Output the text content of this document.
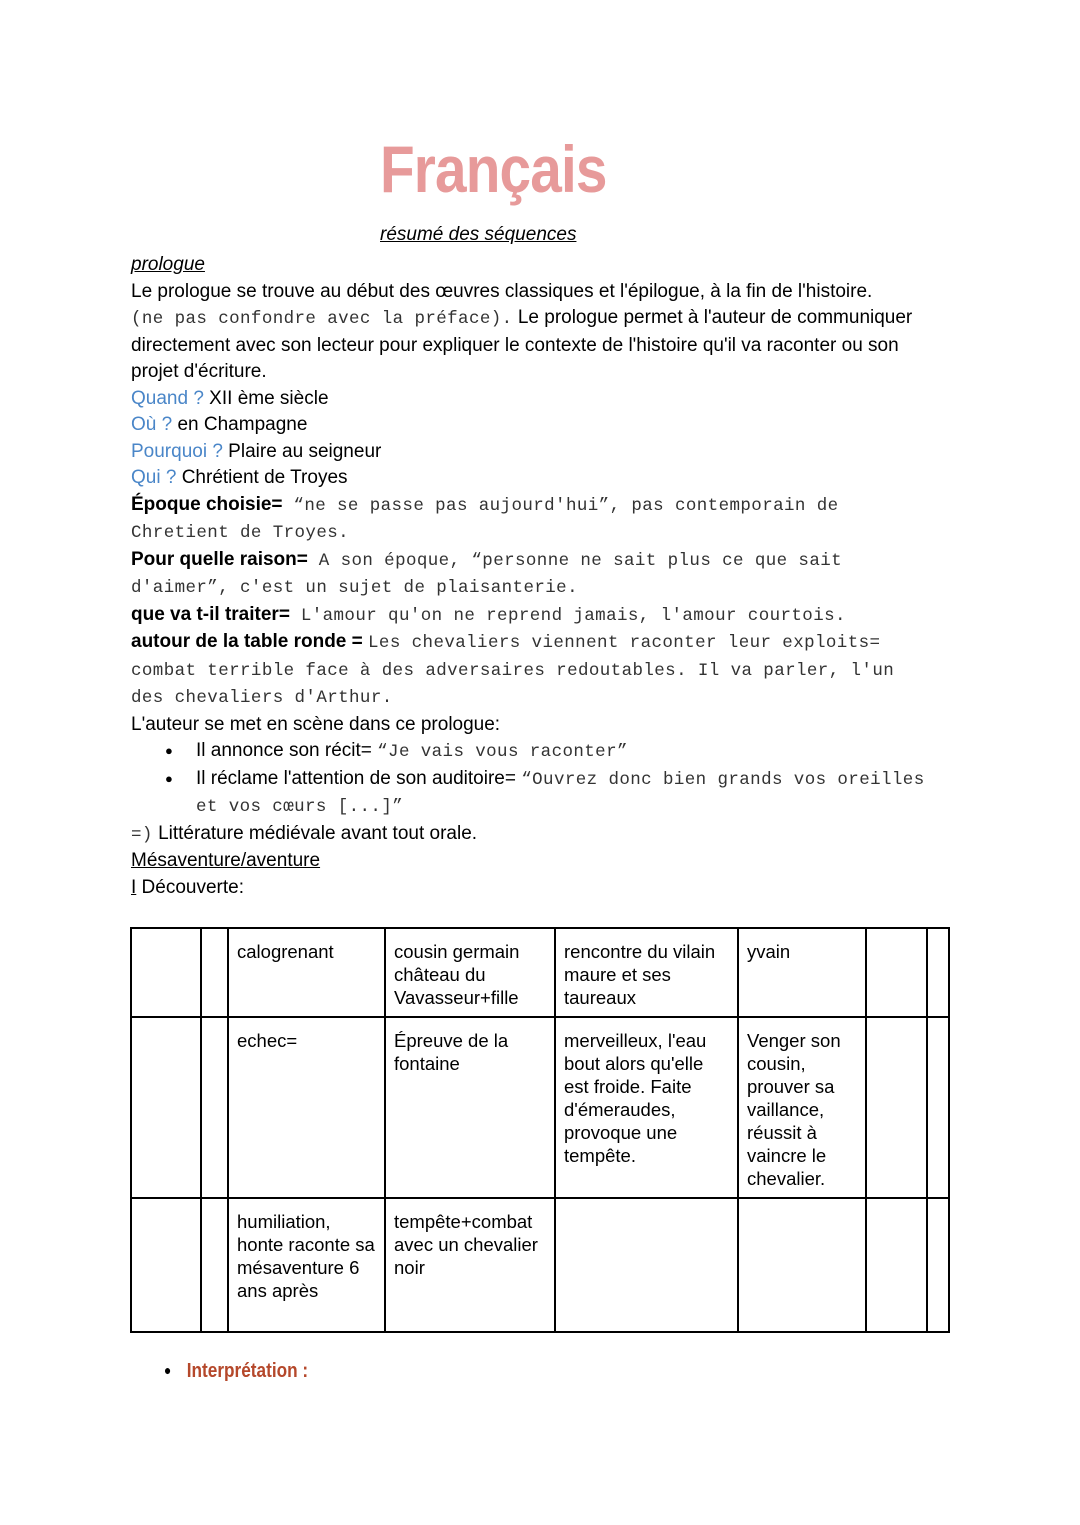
Français
résumé des séquences

prologue

Le prologue se trouve au début des œuvres classiques et l'épilogue, à la fin de l'histoire.
(ne pas confondre avec la préface). Le prologue permet à l'auteur de communiquer directement avec son lecteur pour expliquer le contexte de l'histoire qu'il va raconter ou son projet d'écriture.

Quand ? XII ème siècle

Où ? en Champagne

Pourquoi ? Plaire au seigneur

Qui ? Chrétient de Troyes

Époque choisie= “ne se passe pas aujourd'hui”, pas contemporain de Chretient de Troyes.

Pour quelle raison= A son époque, “personne ne sait plus ce que sait d'aimer”, c'est un sujet de plaisanterie.

que va t-il traiter= L'amour qu'on ne reprend jamais, l'amour courtois.

autour de la table ronde = Les chevaliers viennent raconter leur exploits= combat terrible face à des adversaires redoutables. Il va parler, l'un des chevaliers d'Arthur.

L'auteur se met en scène dans ce prologue:

● Il annonce son récit= “Je vais vous raconter”
● Il réclame l'attention de son auditoire= “Ouvrez donc bien grands vos oreilles et vos cœurs [...]”

=) Littérature médiévale avant tout orale.

Mésaventure/aventure

I Découverte:

		calogrenant	cousin germain château du Vavasseur+fille	rencontre du vilain maure et ses taureaux	yvain		
		echec=	Épreuve de la fontaine	merveilleux, l'eau bout alors qu'elle est froide. Faite d'émeraudes, provoque une tempête.	Venger son cousin, prouver sa vaillance, réussit à vaincre le chevalier.		
		humiliation, honte raconte sa mésaventure 6 ans après	tempête+combat avec un chevalier noir				
● Interprétation :
